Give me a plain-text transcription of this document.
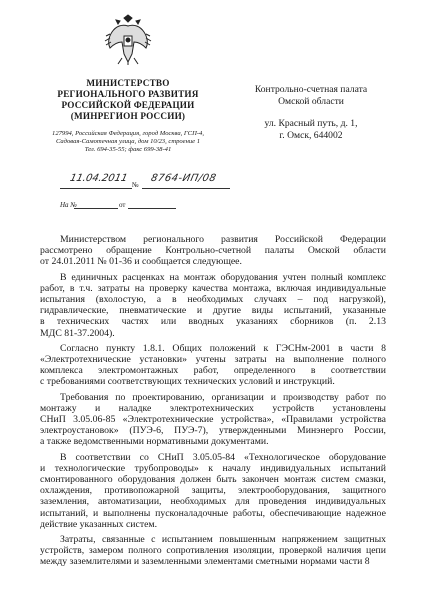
МИНИСТЕРСТВО
РЕГИОНАЛЬНОГО РАЗВИТИЯ
РОССИЙСКОЙ ФЕДЕРАЦИИ
(МИНРЕГИОН РОССИИ)
127994, Российская Федерация, город Москва, ГСП-4,
Садовая-Самотечная улица, дом 10/23, строение 1
Тел. 694-35-55; факс 699-38-41
Контрольно-счетная палата
Омской области
ул. Красный путь, д. 1,
г. Омск, 644002
11.04.2011
№
8764-ИП/08
На №	от
Министерством регионального развития Российской Федерации
рассмотрено обращение Контрольно-счетной палаты Омской области
от 24.01.2011 № 01-36 и сообщается следующее.
В единичных расценках на монтаж оборудования учтен полный комплекс
работ, в т.ч. затраты на проверку качества монтажа, включая индивидуальные
испытания (вхолостую, а в необходимых случаях – под нагрузкой),
гидравлические, пневматические и другие виды испытаний, указанные
в технических частях или вводных указаниях сборников (п. 2.13
МДС 81-37.2004).
Согласно пункту 1.8.1. Общих положений к ГЭСНм-2001 в части 8
«Электротехнические установки» учтены затраты на выполнение полного
комплекса электромонтажных работ, определенного в соответствии
с требованиями соответствующих технических условий и инструкций.
Требования по проектированию, организации и производству работ по
монтажу и наладке электротехнических устройств установлены
СНиП 3.05.06-85 «Электротехнические устройства», «Правилами устройства
электроустановок» (ПУЭ-6, ПУЭ-7), утвержденными Минэнерго России,
а также ведомственными нормативными документами.
В соответствии со СНиП 3.05.05-84 «Технологическое оборудование
и технологические трубопроводы» к началу индивидуальных испытаний
смонтированного оборудования должен быть закончен монтаж систем смазки,
охлаждения, противопожарной защиты, электрооборудования, защитного
заземления, автоматизации, необходимых для проведения индивидуальных
испытаний, и выполнены пусконаладочные работы, обеспечивающие надежное
действие указанных систем.
Затраты, связанные с испытанием повышенным напряжением защитных
устройств, замером полного сопротивления изоляции, проверкой наличия цепи
между заземлителями и заземленными элементами сметными нормами части 8
